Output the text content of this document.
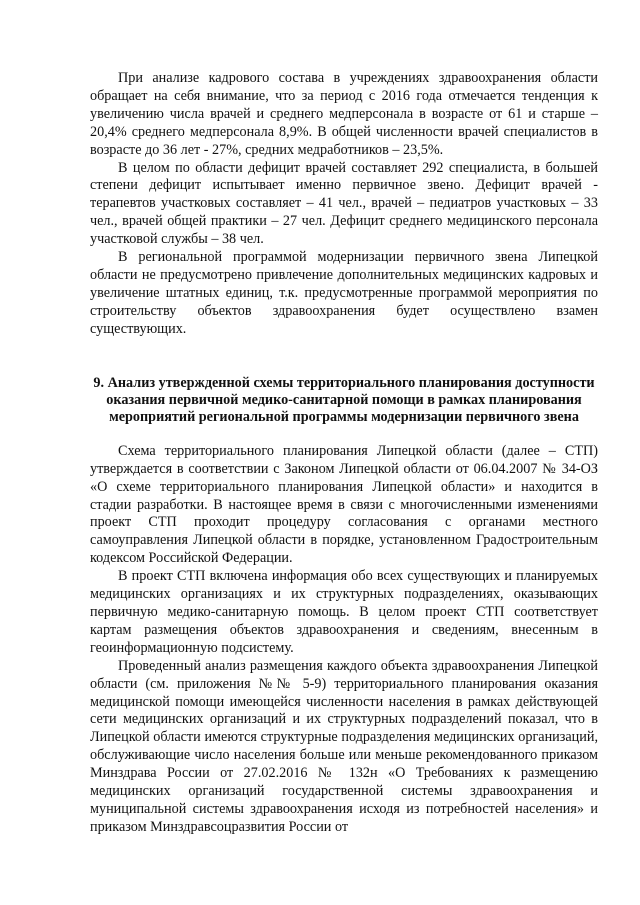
При анализе кадрового состава в учреждениях здравоохранения области обращает на себя внимание, что за период с 2016 года отмечается тенденция к увеличению числа врачей и среднего медперсонала в возрасте от 61 и старше – 20,4% среднего медперсонала 8,9%. В общей численности врачей специалистов в возрасте до 36 лет - 27%, средних медработников – 23,5%.

В целом по области дефицит врачей составляет 292 специалиста, в большей степени дефицит испытывает именно первичное звено. Дефицит врачей - терапевтов участковых составляет – 41 чел., врачей – педиатров участковых – 33 чел., врачей общей практики – 27 чел. Дефицит среднего медицинского персонала участковой службы – 38 чел.

В региональной программой модернизации первичного звена Липецкой области не предусмотрено привлечение дополнительных медицинских кадровых и увеличение штатных единиц, т.к. предусмотренные программой мероприятия по строительству объектов здравоохранения будет осуществлено взамен существующих.

9. Анализ утвержденной схемы территориального планирования доступности оказания первичной медико-санитарной помощи в рамках планирования мероприятий региональной программы модернизации первичного звена

Схема территориального планирования Липецкой области (далее – СТП) утверждается в соответствии с Законом Липецкой области от 06.04.2007 № 34-ОЗ «О схеме территориального планирования Липецкой области» и находится в стадии разработки. В настоящее время в связи с многочисленными изменениями проект СТП проходит процедуру согласования с органами местного самоуправления Липецкой области в порядке, установленном Градостроительным кодексом Российской Федерации.

В проект СТП включена информация обо всех существующих и планируемых медицинских организациях и их структурных подразделениях, оказывающих первичную медико-санитарную помощь. В целом проект СТП соответствует картам размещения объектов здравоохранения и сведениям, внесенным в геоинформационную подсистему.

Проведенный анализ размещения каждого объекта здравоохранения Липецкой области (см. приложения №№ 5-9) территориального планирования оказания медицинской помощи имеющейся численности населения в рамках действующей сети медицинских организаций и их структурных подразделений показал, что в Липецкой области имеются структурные подразделения медицинских организаций, обслуживающие число населения больше или меньше рекомендованного приказом Минздрава России от 27.02.2016 № 132н «О Требованиях к размещению медицинских организаций государственной системы здравоохранения и муниципальной системы здравоохранения исходя из потребностей населения» и приказом Минздравсоцразвития России от
